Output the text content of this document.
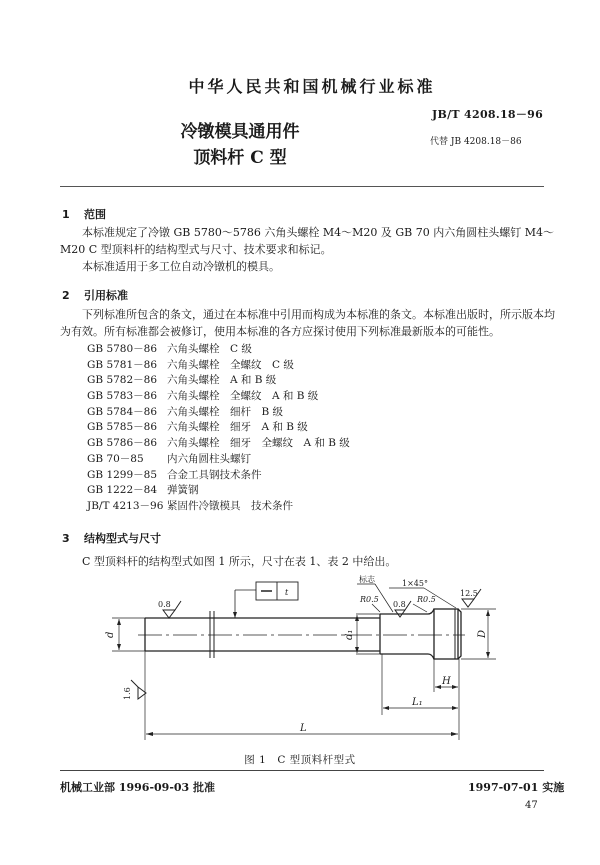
中华人民共和国机械行业标准
JB/T 4208.18－96
冷镦模具通用件
顶料杆 C 型
代替 JB 4208.18－86
1 范围
本标准规定了冷镦 GB 5780～5786 六角头螺栓 M4～M20 及 GB 70 内六角圆柱头螺钉 M4～M20 C 型顶料杆的结构型式与尺寸、技术要求和标记。
本标准适用于多工位自动冷镦机的模具。
2 引用标准
下列标准所包含的条文，通过在本标准中引用而构成为本标准的条文。本标准出版时，所示版本均为有效。所有标准都会被修订，使用本标准的各方应探讨使用下列标准最新版本的可能性。
GB 5780－86 六角头螺栓　C 级
GB 5781－86 六角头螺栓　全螺纹　C 级
GB 5782－86 六角头螺栓　A 和 B 级
GB 5783－86 六角头螺栓　全螺纹　A 和 B 级
GB 5784－86 六角头螺栓　细杆　B 级
GB 5785－86 六角头螺栓　细牙　A 和 B 级
GB 5786－86 六角头螺栓　细牙　全螺纹　A 和 B 级
GB 70－85 内六角圆柱头螺钉
GB 1299－85 合金工具钢技术条件
GB 1222－84 弹簧钢
JB/T 4213－96 紧固件冷镦模具　技术条件
3 结构型式与尺寸
C 型顶料杆的结构型式如图 1 所示，尺寸在表 1、表 2 中给出。
0.8	0.8
12.5
1.6
t
标志	1×45°
R0.5	R0.5
d	d₁	D
H
L₁
L
图 1　C 型顶料杆型式
机械工业部 1996-09-03 批准	1997-07-01 实施
47
